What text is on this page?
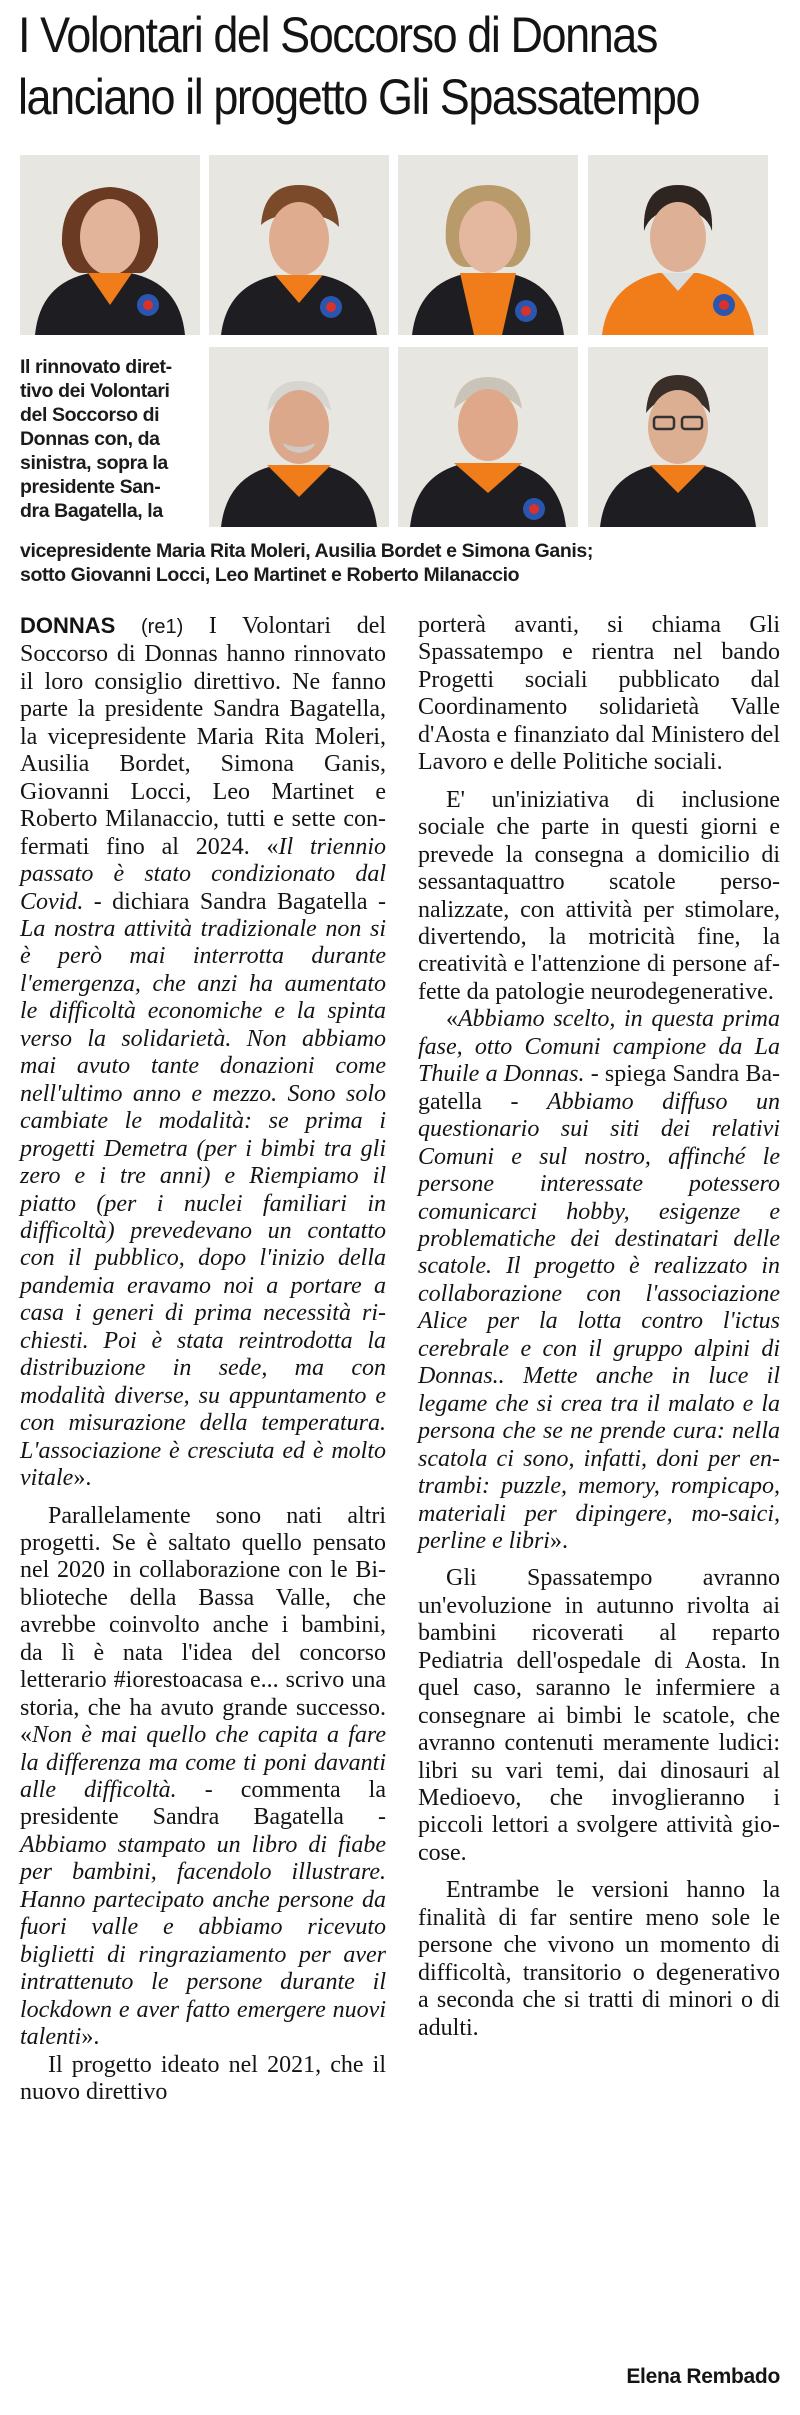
I Volontari del Soccorso di Donnas
lanciano il progetto Gli Spassatempo
Il rinnovato diret-
tivo dei Volontari
del Soccorso di
Donnas con, da
sinistra, sopra la
presidente San-
dra Bagatella, la
vicepresidente Maria Rita Moleri, Ausilia Bordet e Simona Ganis;
sotto Giovanni Locci, Leo Martinet e Roberto Milanaccio

DONNAS (re1) I Volontari del Soccorso di Donnas hanno rinnovato il loro consiglio direttivo. Ne fanno parte la presidente Sandra Bagatella, la vicepresidente Maria Rita Moleri, Ausilia Bordet, Simona Ganis, Giovanni Locci, Leo Martinet e Roberto Milanaccio, tutti e sette confermati fino al 2024. «Il triennio passato è stato condizionato dal Covid. - dichiara Sandra Bagatella - La nostra attività tradizionale non si è però mai interrotta durante l'emergenza, che anzi ha aumentato le difficoltà economiche e la spinta verso la solidarietà. Non abbiamo mai avuto tante donazioni come nell'ultimo anno e mezzo. Sono solo cambiate le modalità: se prima i progetti Demetra (per i bimbi tra gli zero e i tre anni) e Riempiamo il piatto (per i nuclei familiari in difficoltà) prevedevano un contatto con il pubblico, dopo l'inizio della pandemia eravamo noi a portare a casa i generi di prima necessità richiesti. Poi è stata reintrodotta la distribuzione in sede, ma con modalità diverse, su appuntamento e con misurazione della temperatura. L'associazione è cresciuta ed è molto vitale».

Parallelamente sono nati altri progetti. Se è saltato quello pensato nel 2020 in collaborazione con le Biblioteche della Bassa Valle, che avrebbe coinvolto anche i bambini, da lì è nata l'idea del concorso letterario #iorestoacasa e... scrivo una storia, che ha avuto grande successo. «Non è mai quello che capita a fare la differenza ma come ti poni davanti alle difficoltà. - commenta la presidente Sandra Bagatella - Abbiamo stampato un libro di fiabe per bambini, facendolo illustrare. Hanno partecipato anche persone da fuori valle e abbiamo ricevuto biglietti di ringraziamento per aver intrattenuto le persone durante il lockdown e aver fatto emergere nuovi talenti».

Il progetto ideato nel 2021, che il nuovo direttivo

porterà avanti, si chiama Gli Spassatempo e rientra nel bando Progetti sociali pubblicato dal Coordinamento solidarietà Valle d'Aosta e finanziato dal Ministero del Lavoro e delle Politiche sociali.

E' un'iniziativa di inclusione sociale che parte in questi giorni e prevede la consegna a domicilio di sessantaquattro scatole personalizzate, con attività per stimolare, divertendo, la motricità fine, la creatività e l'attenzione di persone affette da patologie neurodegenerative.

«Abbiamo scelto, in questa prima fase, otto Comuni campione da La Thuile a Donnas. - spiega Sandra Bagatella - Abbiamo diffuso un questionario sui siti dei relativi Comuni e sul nostro, affinché le persone interessate potessero comunicarci hobby, esigenze e problematiche dei destinatari delle scatole. Il progetto è realizzato in collaborazione con l'associazione Alice per la lotta contro l'ictus cerebrale e con il gruppo alpini di Donnas.. Mette anche in luce il legame che si crea tra il malato e la persona che se ne prende cura: nella scatola ci sono, infatti, doni per entrambi: puzzle, memory, rompicapo, materiali per dipingere, mo-saici, perline e libri».

Gli Spassatempo avranno un'evoluzione in autunno rivolta ai bambini ricoverati al reparto Pediatria dell'ospedale di Aosta. In quel caso, saranno le infermiere a consegnare ai bimbi le scatole, che avranno contenuti meramente ludici: libri su vari temi, dai dinosauri al Medioevo, che invoglieranno i piccoli lettori a svolgere attività giocose.

Entrambe le versioni hanno la finalità di far sentire meno sole le persone che vivono un momento di difficoltà, transitorio o degenerativo a seconda che si tratti di minori o di adulti.

Elena Rembado
